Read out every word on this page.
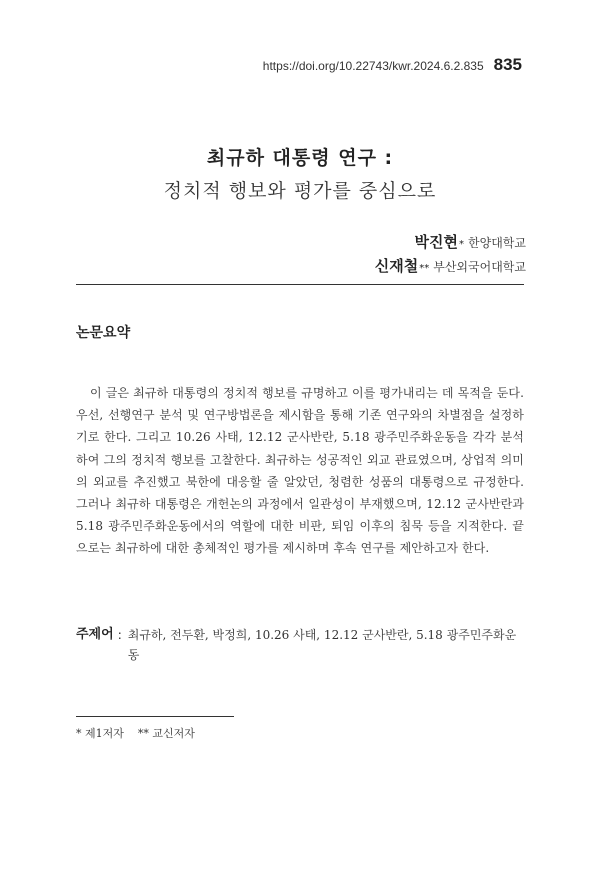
https://doi.org/10.22743/kwr.2024.6.2.835 835
최규하 대통령 연구 :
정치적 행보와 평가를 중심으로
박진현 * 한양대학교
신재철 ** 부산외국어대학교
논문요약
이 글은 최규하 대통령의 정치적 행보를 규명하고 이를 평가내리는 데 목적을 둔다. 우선, 선행연구 분석 및 연구방법론을 제시함을 통해 기존 연구와의 차별점을 설정하기로 한다. 그리고 10.26 사태, 12.12 군사반란, 5.18 광주민주화운동을 각각 분석하여 그의 정치적 행보를 고찰한다. 최규하는 성공적인 외교 관료였으며, 상업적 의미의 외교를 추진했고 북한에 대응할 줄 알았던, 청렴한 성품의 대통령으로 규정한다. 그러나 최규하 대통령은 개헌논의 과정에서 일관성이 부재했으며, 12.12 군사반란과 5.18 광주민주화운동에서의 역할에 대한 비판, 퇴임 이후의 침묵 등을 지적한다. 끝으로는 최규하에 대한 총체적인 평가를 제시하며 후속 연구를 제안하고자 한다.
주제어 : 최규하, 전두환, 박정희, 10.26 사태, 12.12 군사반란, 5.18 광주민주화운동
* 제1저자 ** 교신저자
